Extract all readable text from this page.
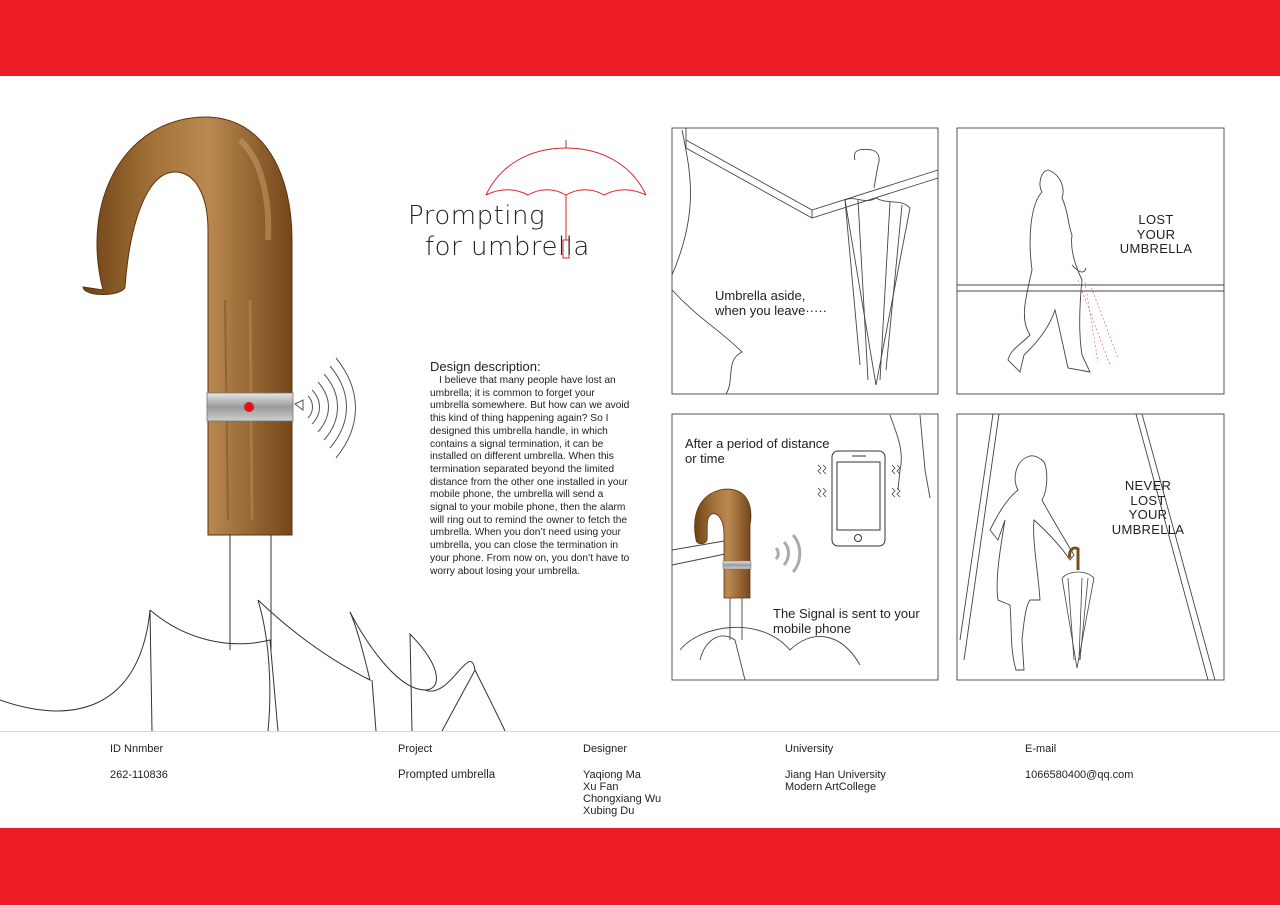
Prompting

for umbrella
Design description:

I believe that many people have lost an umbrella; it is common to forget your umbrella somewhere. But how can we avoid this kind of thing happening again? So I designed this umbrella handle, in which contains a signal termination, it can be installed on different umbrella. When this termination separated beyond the limited distance from the other one installed in your mobile phone, the umbrella will send a signal to your mobile phone, then the alarm will ring out to remind the owner to fetch the umbrella. When you don’t need using your umbrella, you can close the termination in your phone. From now on, you don’t have to worry about losing your umbrella.

Umbrella aside,
when you leave·····
LOST
YOUR
UMBRELLA
After a period of distance
or time
The Signal is sent to your
mobile phone
NEVER
LOST
YOUR
UMBRELLA
ID Nnmber
262-110836
Project
Prompted umbrella
Designer
Yaqiong Ma
Xu Fan
Chongxiang Wu
Xubing Du
University
Jiang Han University
Modern ArtCollege
E-mail
1066580400@qq.com
